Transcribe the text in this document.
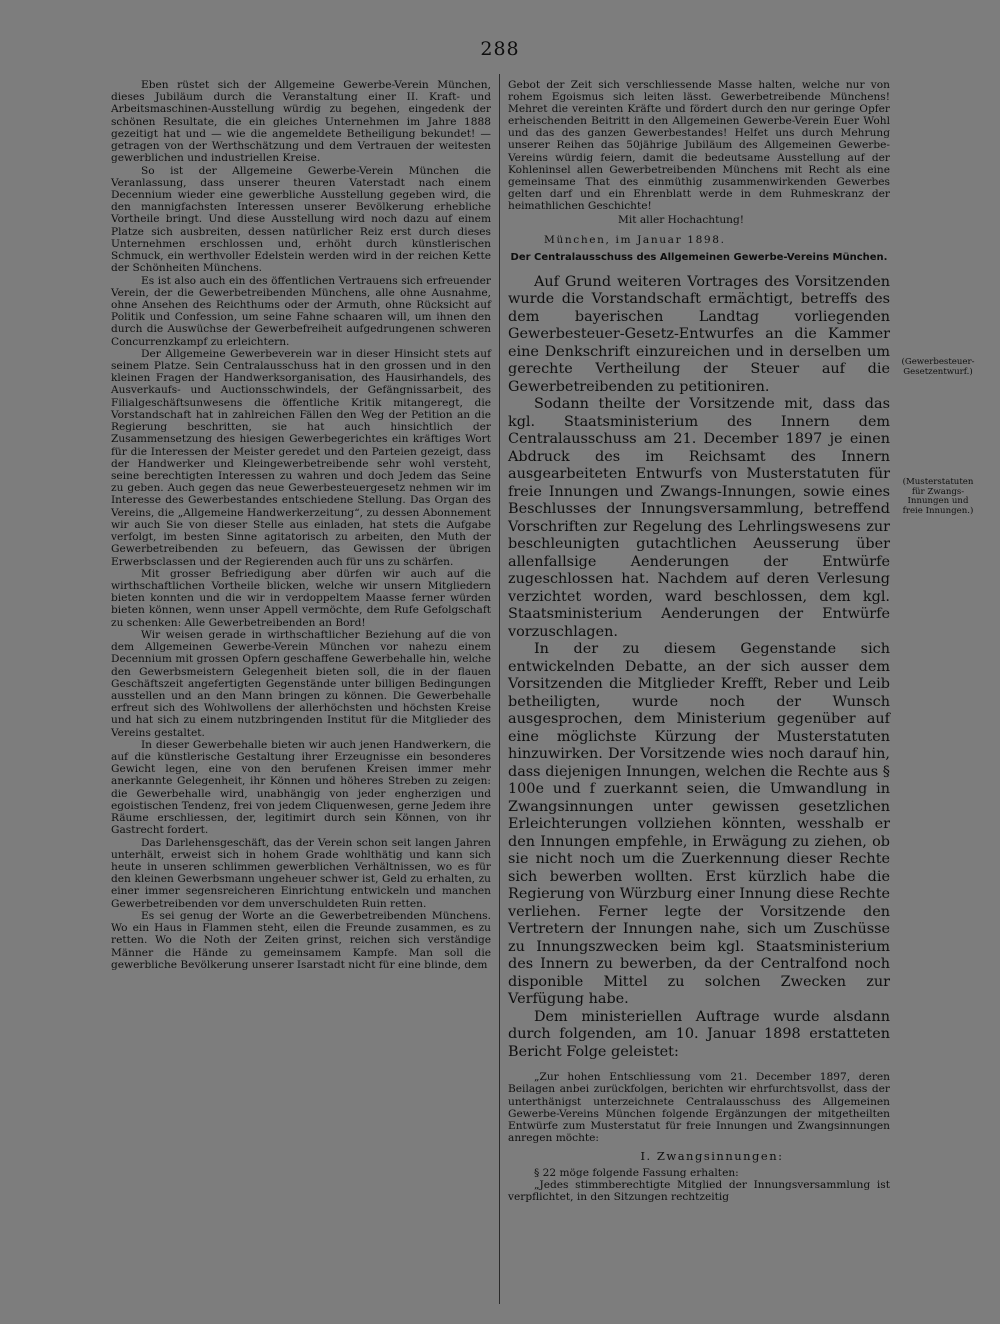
288

Eben rüstet sich der Allgemeine Gewerbe-Verein München, dieses Jubiläum durch die Veranstaltung einer II. Kraft- und Arbeitsmaschinen-Ausstellung würdig zu begehen, eingedenk der schönen Resultate, die ein gleiches Unternehmen im Jahre 1888 gezeitigt hat und — wie die angemeldete Betheiligung bekundet! — getragen von der Werthschätzung und dem Vertrauen der weitesten gewerblichen und industriellen Kreise.

So ist der Allgemeine Gewerbe-Verein München die Veranlassung, dass unserer theuren Vaterstadt nach einem Decennium wieder eine gewerbliche Ausstellung gegeben wird, die den mannigfachsten Interessen unserer Bevölkerung erhebliche Vortheile bringt. Und diese Ausstellung wird noch dazu auf einem Platze sich ausbreiten, dessen natürlicher Reiz erst durch dieses Unternehmen erschlossen und, erhöht durch künstlerischen Schmuck, ein werthvoller Edelstein werden wird in der reichen Kette der Schönheiten Münchens.

Es ist also auch ein des öffentlichen Vertrauens sich erfreuender Verein, der die Gewerbetreibenden Münchens, alle ohne Ausnahme, ohne Ansehen des Reichthums oder der Armuth, ohne Rücksicht auf Politik und Confession, um seine Fahne schaaren will, um ihnen den durch die Auswüchse der Gewerbefreiheit aufgedrungenen schweren Concurrenzkampf zu erleichtern.

Der Allgemeine Gewerbeverein war in dieser Hinsicht stets auf seinem Platze. Sein Centralausschuss hat in den grossen und in den kleinen Fragen der Handwerksorganisation, des Hausirhandels, des Ausverkaufs- und Auctionsschwindels, der Gefängnissarbeit, des Filialgeschäftsunwesens die öffentliche Kritik mitangeregt, die Vorstandschaft hat in zahlreichen Fällen den Weg der Petition an die Regierung beschritten, sie hat auch hinsichtlich der Zusammensetzung des hiesigen Gewerbegerichtes ein kräftiges Wort für die Interessen der Meister geredet und den Parteien gezeigt, dass der Handwerker und Kleingewerbetreibende sehr wohl versteht, seine berechtigten Interessen zu wahren und doch Jedem das Seine zu geben. Auch gegen das neue Gewerbesteuergesetz nehmen wir im Interesse des Gewerbestandes entschiedene Stellung. Das Organ des Vereins, die „Allgemeine Handwerkerzeitung“, zu dessen Abonnement wir auch Sie von dieser Stelle aus einladen, hat stets die Aufgabe verfolgt, im besten Sinne agitatorisch zu arbeiten, den Muth der Gewerbetreibenden zu befeuern, das Gewissen der übrigen Erwerbsclassen und der Regierenden auch für uns zu schärfen.

Mit grosser Befriedigung aber dürfen wir auch auf die wirthschaftlichen Vortheile blicken, welche wir unsern Mitgliedern bieten konnten und die wir in verdoppeltem Maasse ferner würden bieten können, wenn unser Appell vermöchte, dem Rufe Gefolgschaft zu schenken: Alle Gewerbetreibenden an Bord!

Wir weisen gerade in wirthschaftlicher Beziehung auf die von dem Allgemeinen Gewerbe-Verein München vor nahezu einem Decennium mit grossen Opfern geschaffene Gewerbehalle hin, welche den Gewerbsmeistern Gelegenheit bieten soll, die in der flauen Geschäftszeit angefertigten Gegenstände unter billigen Bedingungen ausstellen und an den Mann bringen zu können. Die Gewerbehalle erfreut sich des Wohlwollens der allerhöchsten und höchsten Kreise und hat sich zu einem nutzbringenden Institut für die Mitglieder des Vereins gestaltet.

In dieser Gewerbehalle bieten wir auch jenen Handwerkern, die auf die künstlerische Gestaltung ihrer Erzeugnisse ein besonderes Gewicht legen, eine von den berufenen Kreisen immer mehr anerkannte Gelegenheit, ihr Können und höheres Streben zu zeigen: die Gewerbehalle wird, unabhängig von jeder engherzigen und egoistischen Tendenz, frei von jedem Cliquenwesen, gerne Jedem ihre Räume erschliessen, der, legitimirt durch sein Können, von ihr Gastrecht fordert.

Das Darlehensgeschäft, das der Verein schon seit langen Jahren unterhält, erweist sich in hohem Grade wohlthätig und kann sich heute in unseren schlimmen gewerblichen Verhältnissen, wo es für den kleinen Gewerbsmann ungeheuer schwer ist, Geld zu erhalten, zu einer immer segensreicheren Einrichtung entwickeln und manchen Gewerbetreibenden vor dem unverschuldeten Ruin retten.

Es sei genug der Worte an die Gewerbetreibenden Münchens. Wo ein Haus in Flammen steht, eilen die Freunde zusammen, es zu retten. Wo die Noth der Zeiten grinst, reichen sich verständige Männer die Hände zu gemeinsamem Kampfe. Man soll die gewerbliche Bevölkerung unserer Isarstadt nicht für eine blinde, dem

Gebot der Zeit sich verschliessende Masse halten, welche nur von rohem Egoismus sich leiten lässt. Gewerbetreibende Münchens! Mehret die vereinten Kräfte und fördert durch den nur geringe Opfer erheischenden Beitritt in den Allgemeinen Gewerbe-Verein Euer Wohl und das des ganzen Gewerbestandes! Helfet uns durch Mehrung unserer Reihen das 50jährige Jubiläum des Allgemeinen Gewerbe-Vereins würdig feiern, damit die bedeutsame Ausstellung auf der Kohleninsel allen Gewerbetreibenden Münchens mit Recht als eine gemeinsame That des einmüthig zusammenwirkenden Gewerbes gelten darf und ein Ehrenblatt werde in dem Ruhmeskranz der heimathlichen Geschichte!

Mit aller Hochachtung!

München, im Januar 1898.

Der Centralausschuss des Allgemeinen Gewerbe-Vereins München.

Auf Grund weiteren Vortrages des Vorsitzenden wurde die Vorstandschaft ermächtigt, betreffs des dem bayerischen Landtag vorliegenden Gewerbesteuer-Gesetz-Entwurfes an die Kammer eine Denkschrift einzureichen und in derselben um gerechte Vertheilung der Steuer auf die Gewerbetreibenden zu petitioniren.

Sodann theilte der Vorsitzende mit, dass das kgl. Staatsministerium des Innern dem Centralausschuss am 21. December 1897 je einen Abdruck des im Reichsamt des Innern ausgearbeiteten Entwurfs von Musterstatuten für freie Innungen und Zwangs-Innungen, sowie eines Beschlusses der Innungsversammlung, betreffend Vorschriften zur Regelung des Lehrlingswesens zur beschleunigten gutachtlichen Aeusserung über allenfallsige Aenderungen der Entwürfe zugeschlossen hat. Nachdem auf deren Verlesung verzichtet worden, ward beschlossen, dem kgl. Staatsministerium Aenderungen der Entwürfe vorzuschlagen.

In der zu diesem Gegenstande sich entwickelnden Debatte, an der sich ausser dem Vorsitzenden die Mitglieder Krefft, Reber und Leib betheiligten, wurde noch der Wunsch ausgesprochen, dem Ministerium gegenüber auf eine möglichste Kürzung der Musterstatuten hinzuwirken. Der Vorsitzende wies noch darauf hin, dass diejenigen Innungen, welchen die Rechte aus § 100e und f zuerkannt seien, die Umwandlung in Zwangsinnungen unter gewissen gesetzlichen Erleichterungen vollziehen könnten, wesshalb er den Innungen empfehle, in Erwägung zu ziehen, ob sie nicht noch um die Zuerkennung dieser Rechte sich bewerben wollten. Erst kürzlich habe die Regierung von Würzburg einer Innung diese Rechte verliehen. Ferner legte der Vorsitzende den Vertretern der Innungen nahe, sich um Zuschüsse zu Innungszwecken beim kgl. Staatsministerium des Innern zu bewerben, da der Centralfond noch disponible Mittel zu solchen Zwecken zur Verfügung habe.

Dem ministeriellen Auftrage wurde alsdann durch folgenden, am 10. Januar 1898 erstatteten Bericht Folge geleistet:

„Zur hohen Entschliessung vom 21. December 1897, deren Beilagen anbei zurückfolgen, berichten wir ehrfurchtsvollst, dass der unterthänigst unterzeichnete Centralausschuss des Allgemeinen Gewerbe-Vereins München folgende Ergänzungen der mitgetheilten Entwürfe zum Musterstatut für freie Innungen und Zwangsinnungen anregen möchte:

I. Zwangsinnungen:

§ 22 möge folgende Fassung erhalten:

„Jedes stimmberechtigte Mitglied der Innungsversammlung ist verpflichtet, in den Sitzungen rechtzeitig

(Gewerbesteuer-
Gesetzentwurf.)
(Musterstatuten
für Zwangs-
Innungen und
freie Innungen.)
